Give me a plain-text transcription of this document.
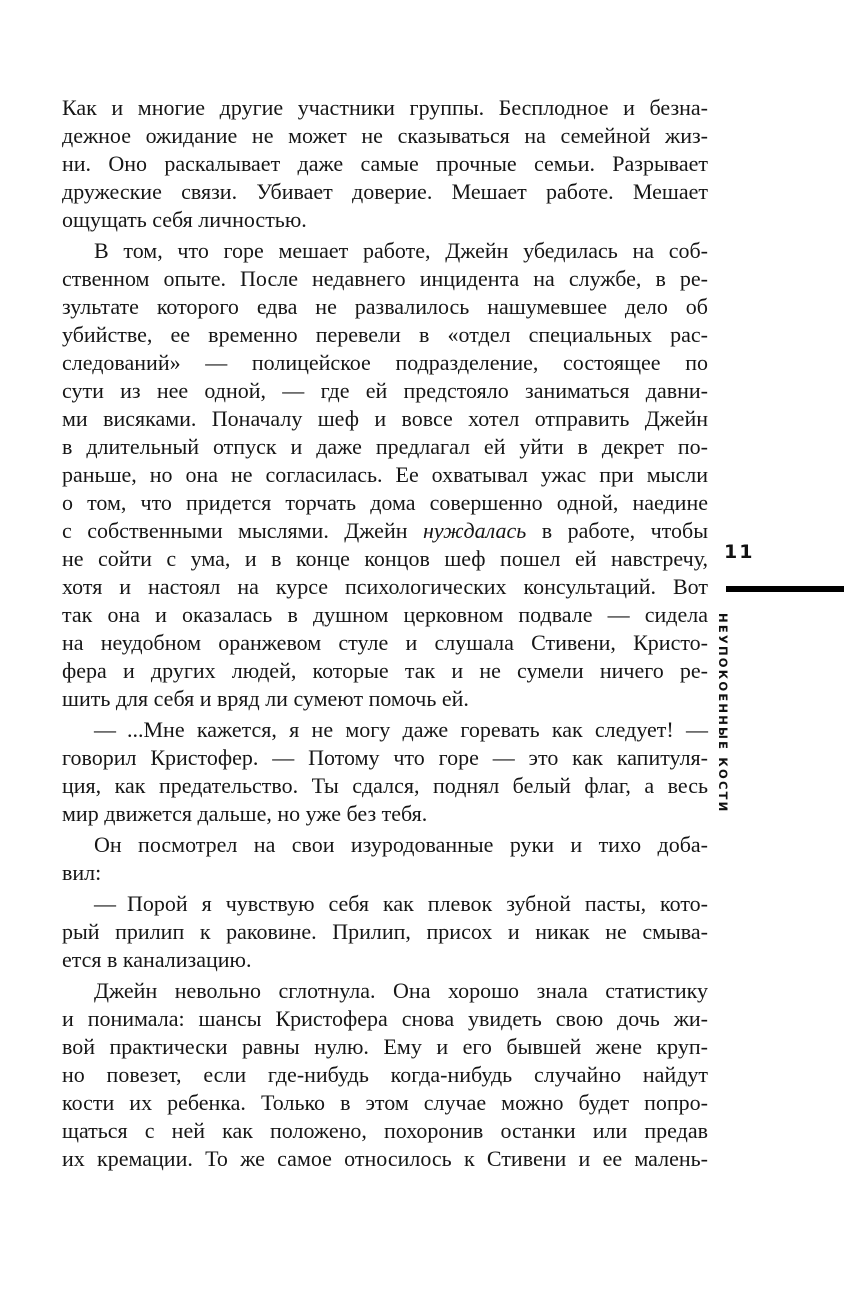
Как и многие другие участники группы. Бесплодное и безна-
дежное ожидание не может не сказываться на семейной жиз-
ни. Оно раскалывает даже самые прочные семьи. Разрывает
дружеские связи. Убивает доверие. Мешает работе. Мешает
ощущать себя личностью.
В том, что горе мешает работе, Джейн убедилась на соб-
ственном опыте. После недавнего инцидента на службе, в ре-
зультате которого едва не развалилось нашумевшее дело об
убийстве, ее временно перевели в «отдел специальных рас-
следований» — полицейское подразделение, состоящее по
сути из нее одной, — где ей предстояло заниматься давни-
ми висяками. Поначалу шеф и вовсе хотел отправить Джейн
в длительный отпуск и даже предлагал ей уйти в декрет по-
раньше, но она не согласилась. Ее охватывал ужас при мысли
о том, что придется торчать дома совершенно одной, наедине
с собственными мыслями. Джейн нуждалась в работе, чтобы
не сойти с ума, и в конце концов шеф пошел ей навстречу,
хотя и настоял на курсе психологических консультаций. Вот
так она и оказалась в душном церковном подвале — сидела
на неудобном оранжевом стуле и слушала Стивени, Кристо-
фера и других людей, которые так и не сумели ничего ре-
шить для себя и вряд ли сумеют помочь ей.
— ...Мне кажется, я не могу даже горевать как следует! —
говорил Кристофер. — Потому что горе — это как капитуля-
ция, как предательство. Ты сдался, поднял белый флаг, а весь
мир движется дальше, но уже без тебя.
Он посмотрел на свои изуродованные руки и тихо доба-
вил:
— Порой я чувствую себя как плевок зубной пасты, кото-
рый прилип к раковине. Прилип, присох и никак не смыва-
ется в канализацию.
Джейн невольно сглотнула. Она хорошо знала статистику
и понимала: шансы Кристофера снова увидеть свою дочь жи-
вой практически равны нулю. Ему и его бывшей жене круп-
но повезет, если где-нибудь когда-нибудь случайно найдут
кости их ребенка. Только в этом случае можно будет попро-
щаться с ней как положено, похоронив останки или предав
их кремации. То же самое относилось к Стивени и ее малень-
11
НЕУПОКОЕННЫЕ КОСТИ
